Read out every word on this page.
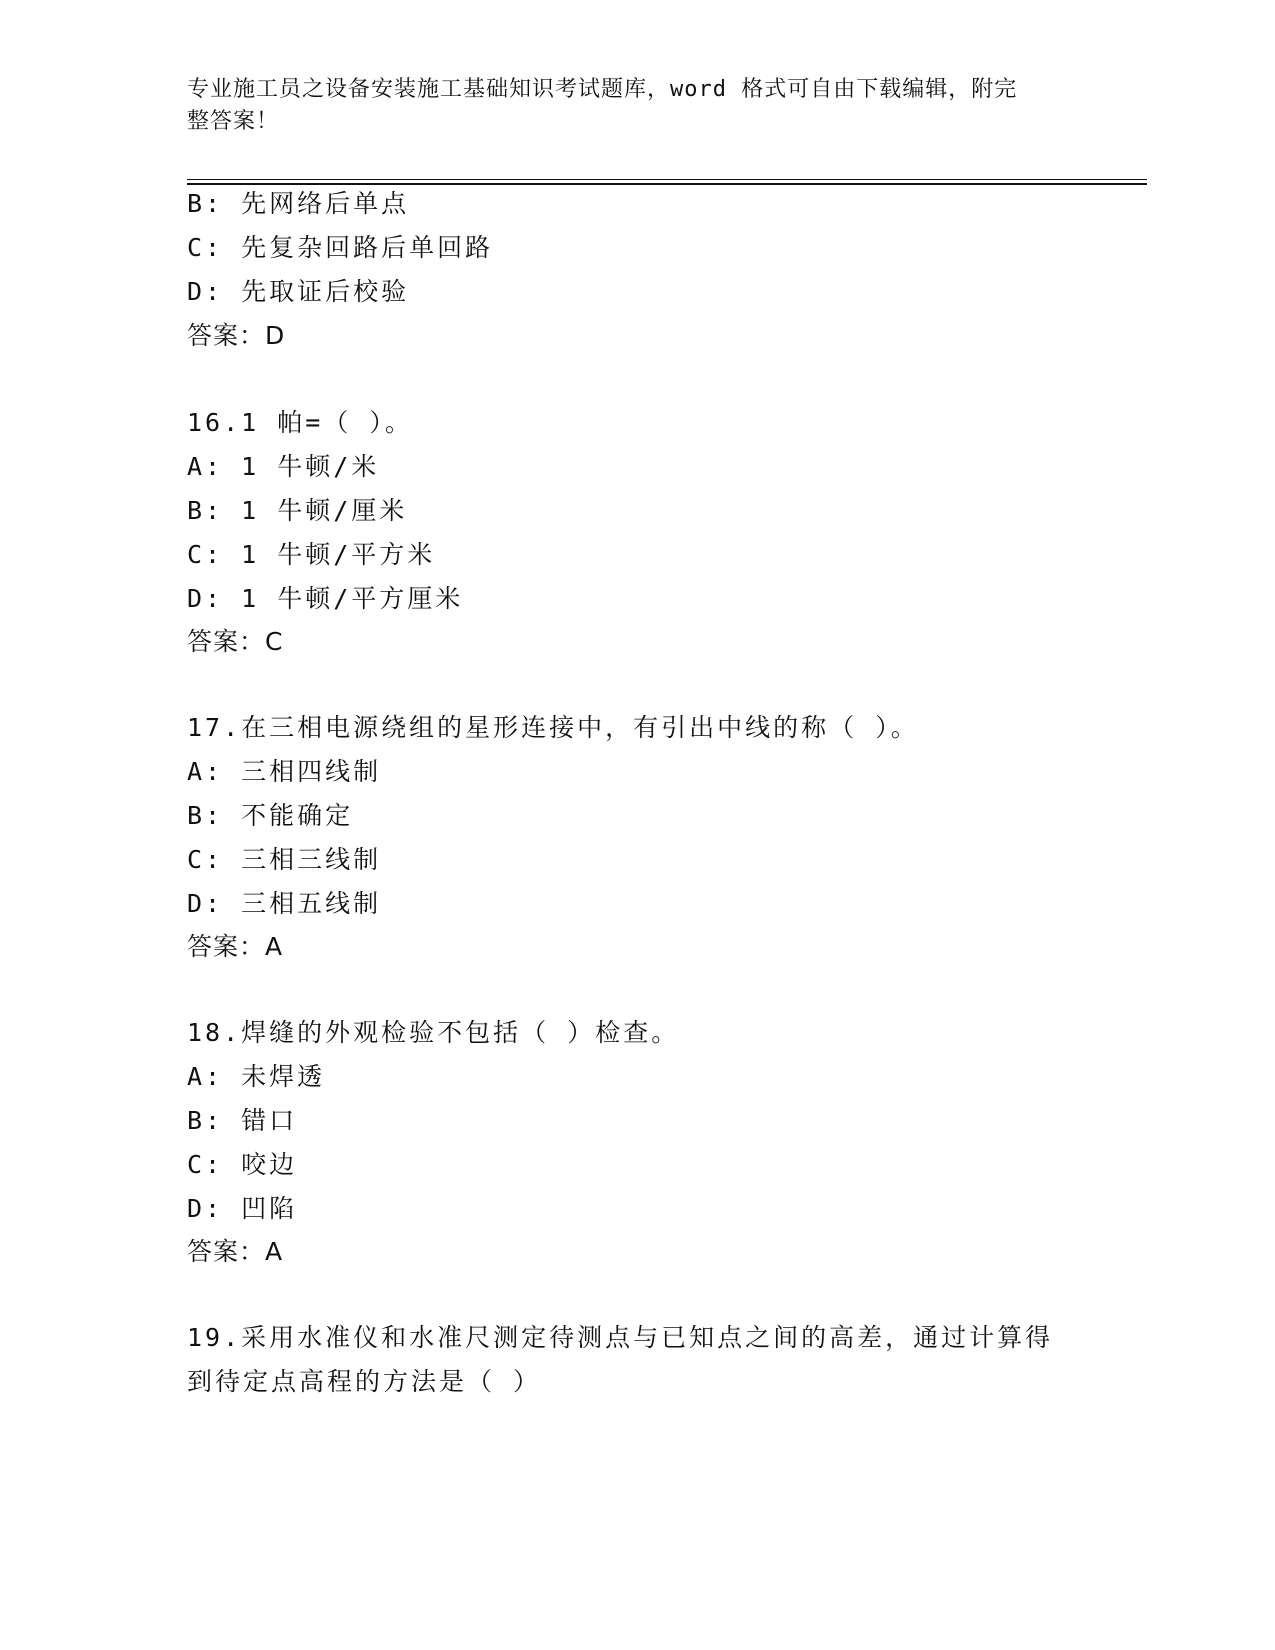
专业施工员之设备安装施工基础知识考试题库，word 格式可自由下载编辑，附完
整答案！
B: 先网络后单点
C: 先复杂回路后单回路
D: 先取证后校验
答案：D
16.1 帕=（ ）。
A: 1 牛顿/米
B: 1 牛顿/厘米
C: 1 牛顿/平方米
D: 1 牛顿/平方厘米
答案：C
17.在三相电源绕组的星形连接中，有引出中线的称（ ）。
A: 三相四线制
B: 不能确定
C: 三相三线制
D: 三相五线制
答案：A
18.焊缝的外观检验不包括（ ）检查。
A: 未焊透
B: 错口
C: 咬边
D: 凹陷
答案：A
19.采用水准仪和水准尺测定待测点与已知点之间的高差，通过计算得
到待定点高程的方法是（ ）
